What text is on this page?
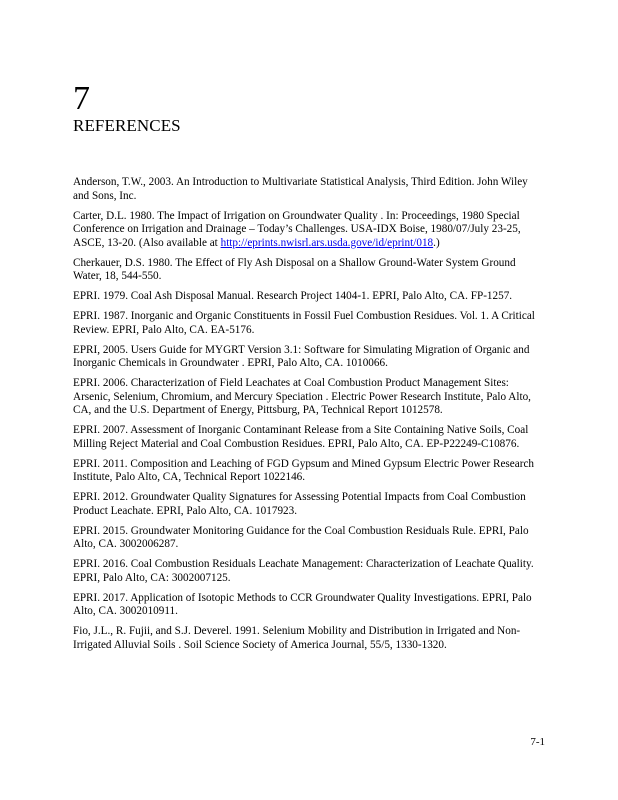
7
REFERENCES

Anderson, T.W., 2003. An Introduction to Multivariate Statistical Analysis, Third Edition. John Wiley and Sons, Inc.

Carter, D.L. 1980. The Impact of Irrigation on Groundwater Quality . In: Proceedings, 1980 Special Conference on Irrigation and Drainage – Today’s Challenges. USA-IDX Boise, 1980/07/July 23-25, ASCE, 13-20. (Also available at http://eprints.nwisrl.ars.usda.gove/id/eprint/018.)

Cherkauer, D.S. 1980. The Effect of Fly Ash Disposal on a Shallow Ground-Water System Ground Water, 18, 544-550.

EPRI. 1979. Coal Ash Disposal Manual. Research Project 1404-1. EPRI, Palo Alto, CA. FP-1257.

EPRI. 1987. Inorganic and Organic Constituents in Fossil Fuel Combustion Residues. Vol. 1. A Critical Review. EPRI, Palo Alto, CA. EA-5176.

EPRI, 2005. Users Guide for MYGRT Version 3.1: Software for Simulating Migration of Organic and Inorganic Chemicals in Groundwater . EPRI, Palo Alto, CA. 1010066.

EPRI. 2006. Characterization of Field Leachates at Coal Combustion Product Management Sites: Arsenic, Selenium, Chromium, and Mercury Speciation . Electric Power Research Institute, Palo Alto, CA, and the U.S. Department of Energy, Pittsburg, PA, Technical Report 1012578.

EPRI. 2007. Assessment of Inorganic Contaminant Release from a Site Containing Native Soils, Coal Milling Reject Material and Coal Combustion Residues. EPRI, Palo Alto, CA. EP-P22249-C10876.

EPRI. 2011. Composition and Leaching of FGD Gypsum and Mined Gypsum Electric Power Research Institute, Palo Alto, CA, Technical Report 1022146.

EPRI. 2012. Groundwater Quality Signatures for Assessing Potential Impacts from Coal Combustion Product Leachate. EPRI, Palo Alto, CA. 1017923.

EPRI. 2015. Groundwater Monitoring Guidance for the Coal Combustion Residuals Rule. EPRI, Palo Alto, CA. 3002006287.

EPRI. 2016. Coal Combustion Residuals Leachate Management: Characterization of Leachate Quality. EPRI, Palo Alto, CA: 3002007125.

EPRI. 2017. Application of Isotopic Methods to CCR Groundwater Quality Investigations. EPRI, Palo Alto, CA. 3002010911.

Fio, J.L., R. Fujii, and S.J. Deverel. 1991. Selenium Mobility and Distribution in Irrigated and Non-Irrigated Alluvial Soils . Soil Science Society of America Journal, 55/5, 1330-1320.

7-1
